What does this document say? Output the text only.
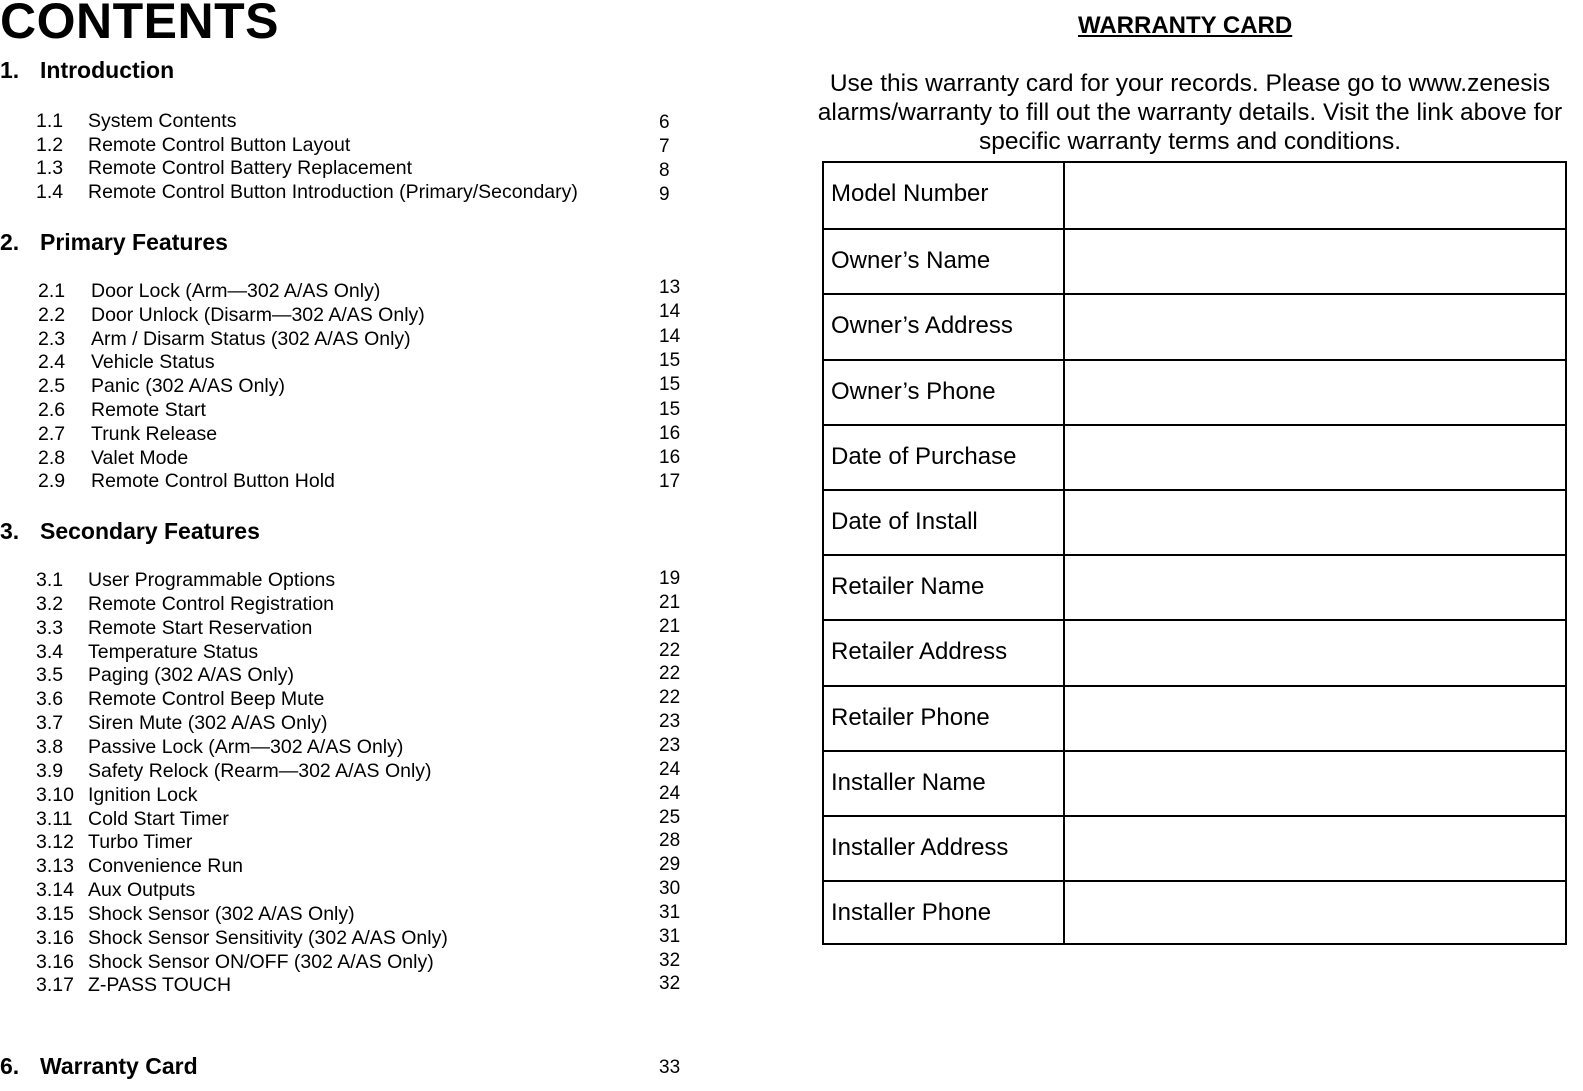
CONTENTS
1. Introduction
2. Primary Features
3. Secondary Features
6. Warranty Card	33
WARRANTY CARD
Use this warranty card for your records. Please go to www.zenesis alarms/warranty to fill out the warranty details. Visit the link above for specific warranty terms and conditions.
Model Number
Owner’s Name
Owner’s Address
Owner’s Phone
Date of Purchase
Date of Install
Retailer Name
Retailer Address
Retailer Phone
Installer Name
Installer Address
Installer Phone
1.1 System Contents	6
1.2 Remote Control Button Layout	7
1.3 Remote Control Battery Replacement	8
1.4 Remote Control Button Introduction (Primary/Secondary)	9
2.1 Door Lock (Arm—302 A/AS Only)	13
2.2 Door Unlock (Disarm—302 A/AS Only)	14
2.3 Arm / Disarm Status (302 A/AS Only)	14
2.4 Vehicle Status	15
2.5 Panic (302 A/AS Only)	15
2.6 Remote Start	15
2.7 Trunk Release	16
2.8 Valet Mode	16
2.9 Remote Control Button Hold	17
3.1 User Programmable Options	19
3.2 Remote Control Registration	21
3.3 Remote Start Reservation	21
3.4 Temperature Status	22
3.5 Paging (302 A/AS Only)	22
3.6 Remote Control Beep Mute	22
3.7 Siren Mute (302 A/AS Only)	23
3.8 Passive Lock (Arm—302 A/AS Only)	23
3.9 Safety Relock (Rearm—302 A/AS Only)	24
3.10 Ignition Lock	24
3.11 Cold Start Timer	25
3.12 Turbo Timer	28
3.13 Convenience Run	29
3.14 Aux Outputs	30
3.15 Shock Sensor (302 A/AS Only)	31
3.16 Shock Sensor Sensitivity (302 A/AS Only)	31
3.16 Shock Sensor ON/OFF (302 A/AS Only)	32
3.17 Z-PASS TOUCH	32
